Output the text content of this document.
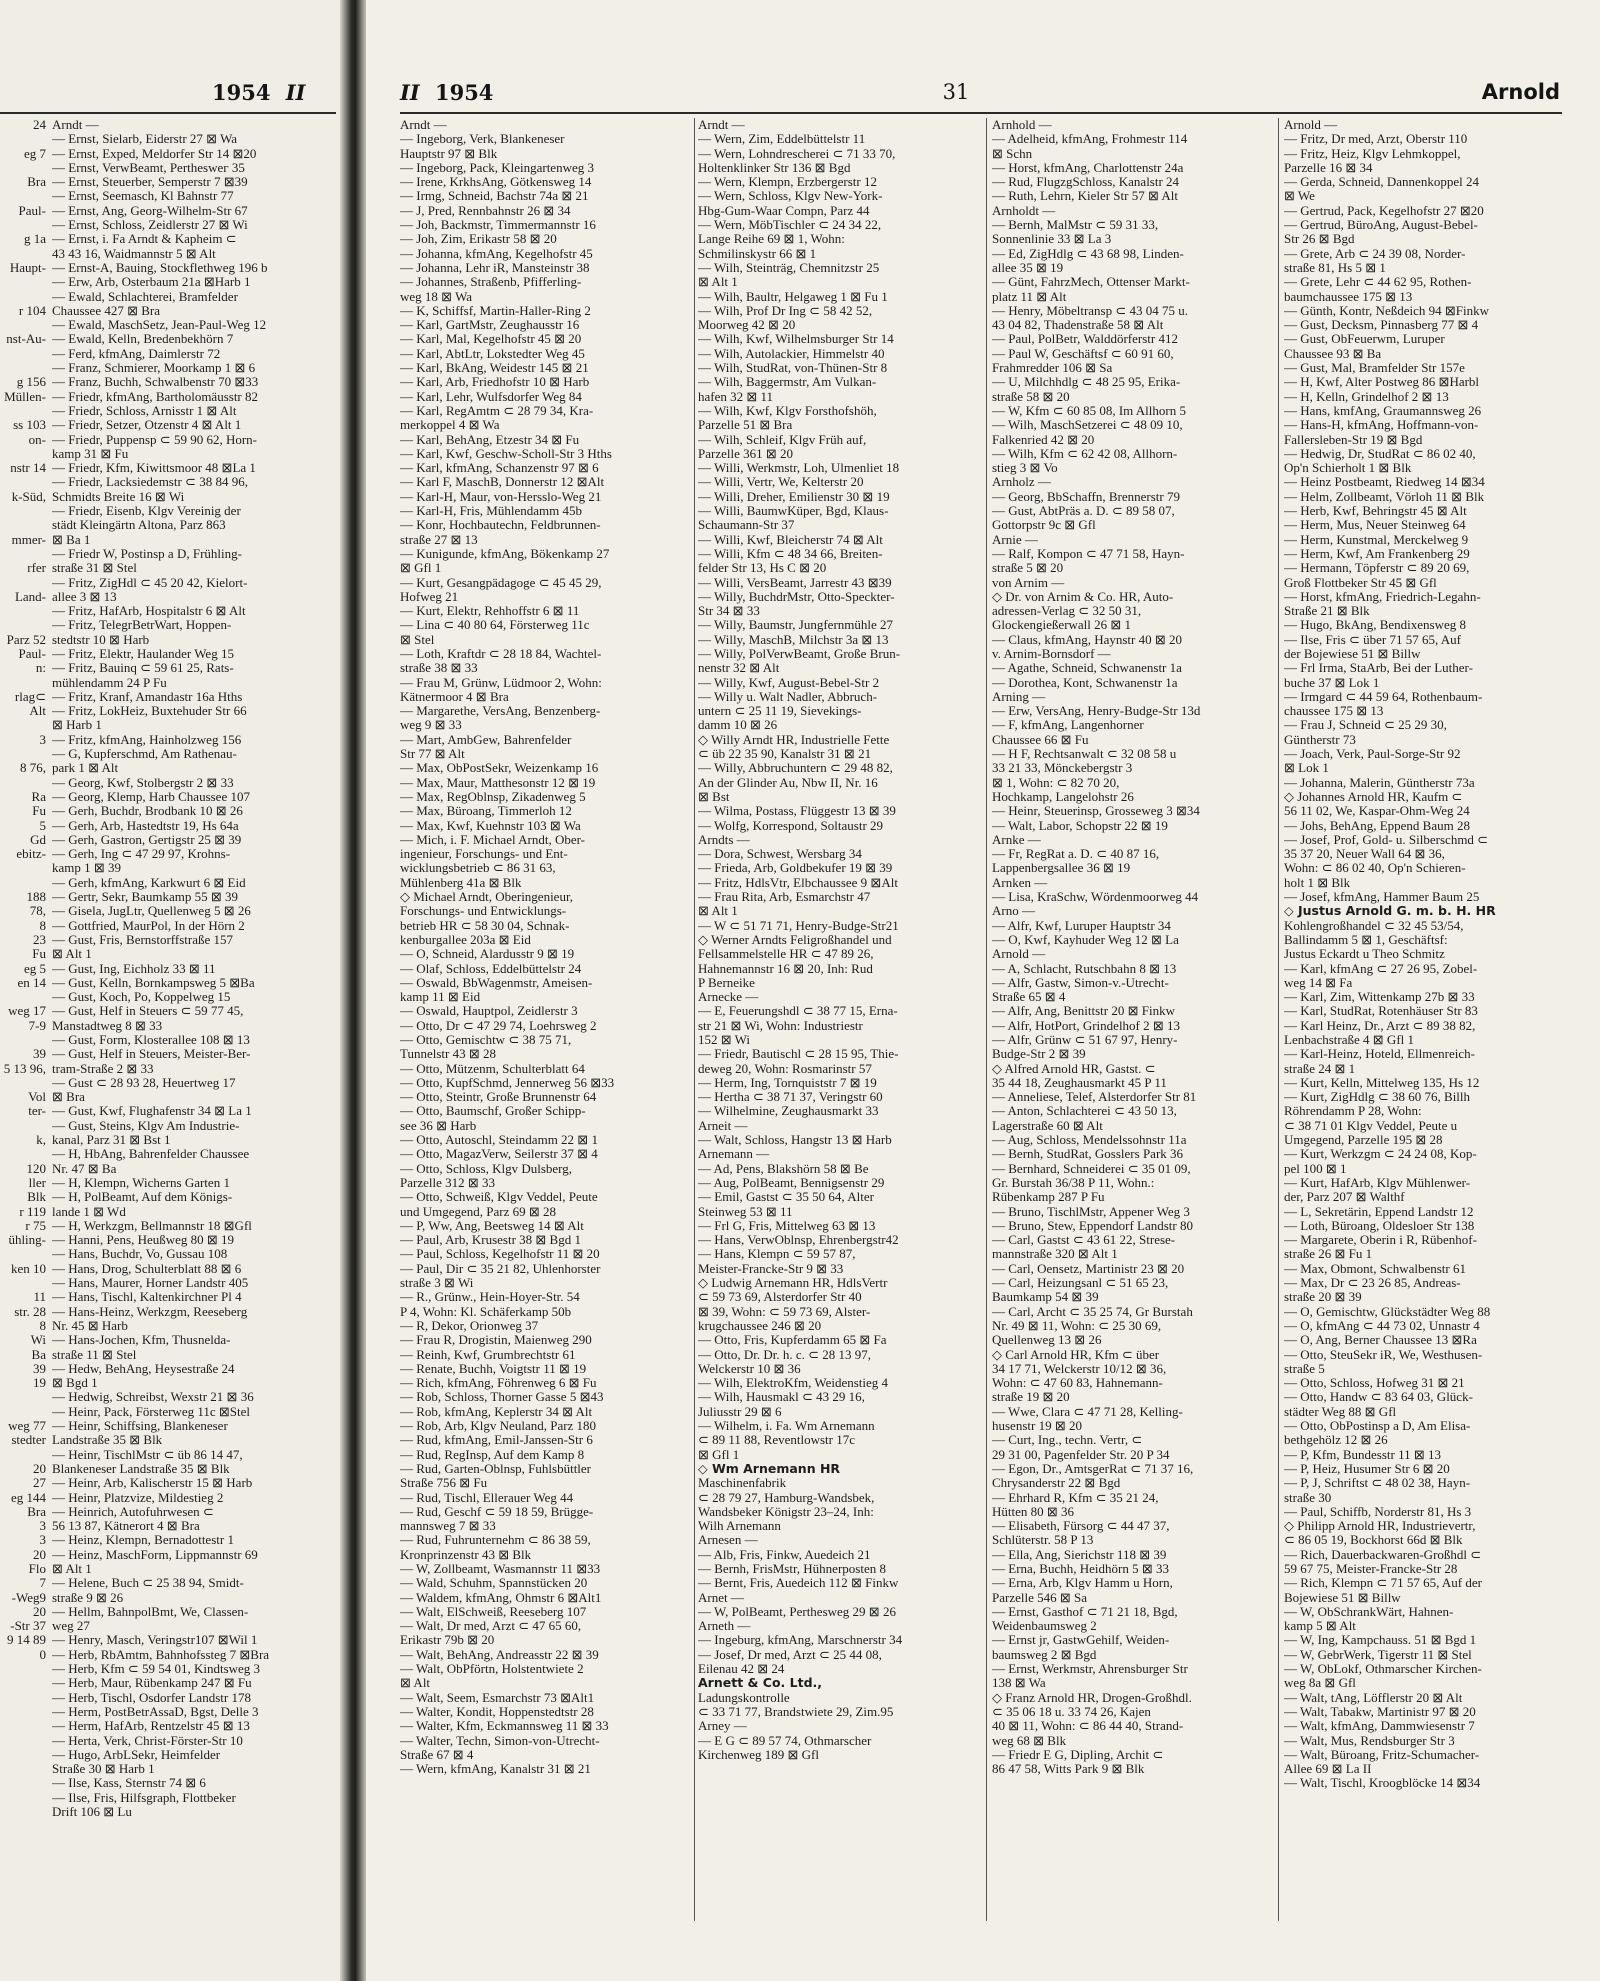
1954 II
24

eg 7

Bra

Paul-

g 1a

Haupt-

r 104

nst-Au-

g 156
Müllen-

ss 103
on-

nstr 14

k-Süd,

mmer-

rfer

Land-

Parz 52
Paul-
n:

rlag⊂
Alt

3

8 76,

Ra
Fu
5
Gd
ebitz-

188
78,
8
23
Fu
eg 5
en 14

weg 17
7-9

39
5 13 96,

Vol
ter-

k,

120
ller
Blk
r 119
r 75
ühling-

ken 10

11
str. 28
8
Wi
Ba
39
19

weg 77
stedter

20
27
eg 144
Bra
3
3
20
Flo
7
-Weg9
20
-Str 37
9 14 89
0
Arndt —
— Ernst, Sielarb, Eiderstr 27 ⊠ Wa
— Ernst, Exped, Meldorfer Str 14 ⊠20
— Ernst, VerwBeamt, Pertheswег 35
— Ernst, Steuerber, Semperstr 7 ⊠39
— Ernst, Seemasch, Kl Bahnstr 77
— Ernst, Ang, Georg-Wilhelm-Str 67
— Ernst, Schloss, Zeidlerstr 27 ⊠ Wi
— Ernst, i. Fa Arndt & Kapheim ⊂
43 43 16, Waidmannstr 5 ⊠ Alt
— Ernst-A, Bauing, Stockflethweg 196 b
— Erw, Arb, Osterbaum 21a ⊠Harb 1
— Ewald, Schlachterei, Bramfelder
Chaussee 427 ⊠ Bra
— Ewald, MaschSetz, Jean-Paul-Weg 12
— Ewald, Kelln, Bredenbekhörn 7
— Ferd, kfmAng, Daimlerstr 72
— Franz, Schmierer, Moorkamp 1 ⊠ 6
— Franz, Buchh, Schwalbenstr 70 ⊠33
— Friedr, kfmAng, Bartholomäusstr 82
— Friedr, Schloss, Arnisstr 1 ⊠ Alt
— Friedr, Setzer, Otzenstr 4 ⊠ Alt 1
— Friedr, Puppensp ⊂ 59 90 62, Horn-
kamp 31 ⊠ Fu
— Friedr, Kfm, Kiwittsmoor 48 ⊠La 1
— Friedr, Lacksiedemstr ⊂ 38 84 96,
Schmidts Breite 16 ⊠ Wi
— Friedr, Eisenb, Klgv Vereinig der
städt Kleingärtn Altona, Parz 863
⊠ Ba 1
— Friedr W, Postinsp a D, Frühling-
strаße 31 ⊠ Stel
— Fritz, ZigHdl ⊂ 45 20 42, Kielort-
allee 3 ⊠ 13
— Fritz, HafArb, Hospitalstr 6 ⊠ Alt
— Fritz, TelegrBetrWart, Hoppen-
stedtstr 10 ⊠ Harb
— Fritz, Elektr, Haulander Weg 15
— Fritz, Bauinq ⊂ 59 61 25, Rats-
mühlendamm 24 P Fu
— Fritz, Kranf, Amandastr 16a Hths
— Fritz, LokHeiz, Buxtehuder Str 66
⊠ Harb 1
— Fritz, kfmAng, Hainholzweg 156
— G, Kupferschmd, Am Rathenau-
park 1 ⊠ Alt
— Georg, Kwf, Stolbergstr 2 ⊠ 33
— Georg, Klemp, Harb Chaussee 107
— Gerh, Buchdr, Brodbank 10 ⊠ 26
— Gerh, Arb, Hastedtstr 19, Hs 64a
— Gerh, Gastron, Gertigstr 25 ⊠ 39
— Gerh, Ing ⊂ 47 29 97, Krohns-
kamp 1 ⊠ 39
— Gerh, kfmAng, Karkwurt 6 ⊠ Eid
— Gertr, Sekr, Baumkamp 55 ⊠ 39
— Gisela, JugLtr, Quellenweg 5 ⊠ 26
— Gottfried, MaurPol, In der Hörn 2
— Gust, Fris, Bernstorffstraße 157
⊠ Alt 1
— Gust, Ing, Eichholz 33 ⊠ 11
— Gust, Kelln, Bornkampsweg 5 ⊠Ba
— Gust, Koch, Po, Koppelweg 15
— Gust, Helf in Steuers ⊂ 59 77 45,
Manstadtweg 8 ⊠ 33
— Gust, Form, Klosterallee 108 ⊠ 13
— Gust, Helf in Steuers, Meister-Ber-
tram-Straße 2 ⊠ 33
— Gust ⊂ 28 93 28, Heuertweg 17
⊠ Bra
— Gust, Kwf, Flughafenstr 34 ⊠ La 1
— Gust, Steins, Klgv Am Industrie-
kanal, Parz 31 ⊠ Bst 1
— H, HbAng, Bahrenfelder Chaussee
Nr. 47 ⊠ Ba
— H, Klempn, Wicherns Garten 1
— H, PolBeamt, Auf dem Königs-
lande 1 ⊠ Wd
— H, Werkzgm, Bellmannstr 18 ⊠Gfl
— Hanni, Pens, Heußweg 80 ⊠ 19
— Hans, Buchdr, Vo, Gussau 108
— Hans, Drog, Schulterblatt 88 ⊠ 6
— Hans, Maurer, Horner Landstr 405
— Hans, Tischl, Kaltenkirchner Pl 4
— Hans-Heinz, Werkzgm, Reeseberg
Nr. 45 ⊠ Harb
— Hans-Jochen, Kfm, Thusnelda-
straße 11 ⊠ Stel
— Hedw, BehAng, Heysestraße 24
⊠ Bgd 1
— Hedwig, Schreibst, Wexstr 21 ⊠ 36
— Heinr, Pack, Försterweg 11c ⊠Stel
— Heinr, Schiffsing, Blankeneser
Landstraße 35 ⊠ Blk
— Heinr, TischlMstr ⊂ üb 86 14 47,
Blankeneser Landstraße 35 ⊠ Blk
— Heinr, Arb, Kalischerstr 15 ⊠ Harb
— Heinr, Platzvize, Mildestieg 2
— Heinrich, Autofuhrwesen ⊂
56 13 87, Kätnerort 4 ⊠ Bra
— Heinz, Klempn, Bernadottestr 1
— Heinz, MaschForm, Lippmannstr 69
⊠ Alt 1
— Helene, Buch ⊂ 25 38 94, Smidt-
straße 9 ⊠ 26
— Hellm, BahnpolBmt, We, Classen-
weg 27
— Henry, Masch, Veringstr107 ⊠Wil 1
— Herb, RbAmtm, Bahnhofssteg 7 ⊠Bra
— Herb, Kfm ⊂ 59 54 01, Kindtsweg 3
— Herb, Maur, Rübenkamp 247 ⊠ Fu
— Herb, Tischl, Osdorfer Landstr 178
— Herm, PostBetrAssaD, Bgst, Delle 3
— Herm, HafArb, Rentzelstr 45 ⊠ 13
— Herta, Verk, Christ-Förster-Str 10
— Hugo, ArbLSekr, Heimfelder
Straße 30 ⊠ Harb 1
— Ilse, Kass, Sternstr 74 ⊠ 6
— Ilse, Fris, Hilfsgraph, Flottbeker
Drift 106 ⊠ Lu
II 1954	31	Arnold
Arndt —
— Ingeborg, Verk, Blankeneser
Hauptstr 97 ⊠ Blk
— Ingeborg, Pack, Kleingartenweg 3
— Irene, KrkhsAng, Götkensweg 14
— Irmg, Schneid, Bachstr 74a ⊠ 21
— J, Pred, Rennbahnstr 26 ⊠ 34
— Joh, Backmstr, Timmermannstr 16
— Joh, Zim, Erikastr 58 ⊠ 20
— Johanna, kfmAng, Kegelhofstr 45
— Johanna, Lehr iR, Mansteinstr 38
— Johannes, Straßenb, Pfifferling-
weg 18 ⊠ Wa
— K, Schiffsf, Martin-Haller-Ring 2
— Karl, GartMstr, Zeughausstr 16
— Karl, Mal, Kegelhofstr 45 ⊠ 20
— Karl, AbtLtr, Lokstedter Weg 45
— Karl, BkAng, Weidestr 145 ⊠ 21
— Karl, Arb, Friedhofstr 10 ⊠ Harb
— Karl, Lehr, Wulfsdorfer Weg 84
— Karl, RegAmtm ⊂ 28 79 34, Kra-
merkoppel 4 ⊠ Wa
— Karl, BehAng, Etzestr 34 ⊠ Fu
— Karl, Kwf, Geschw-Scholl-Str 3 Hths
— Karl, kfmAng, Schanzenstr 97 ⊠ 6
— Karl F, MaschB, Donnerstr 12 ⊠Alt
— Karl-H, Maur, von-Hersslo-Weg 21
— Karl-H, Fris, Mühlendamm 45b
— Konr, Hochbautechn, Feldbrunnen-
straße 27 ⊠ 13
— Kunigunde, kfmAng, Bökenkamp 27
⊠ Gfl 1
— Kurt, Gesangpädagoge ⊂ 45 45 29,
Hofweg 21
— Kurt, Elektr, Rehhoffstr 6 ⊠ 11
— Lina ⊂ 40 80 64, Försterweg 11c
⊠ Stel
— Loth, Kraftdr ⊂ 28 18 84, Wachtel-
straße 38 ⊠ 33
— Frau M, Grünw, Lüdmoor 2, Wohn:
Kätnermoor 4 ⊠ Bra
— Margarethe, VersAng, Benzenberg-
weg 9 ⊠ 33
— Mart, AmbGew, Bahrenfelder
Str 77 ⊠ Alt
— Max, ObPostSekr, Weizenkamp 16
— Max, Maur, Matthesonstr 12 ⊠ 19
— Max, RegOblnsp, Zikadenweg 5
— Max, Büroang, Timmerloh 12
— Max, Kwf, Kuehnstr 103 ⊠ Wa
— Mich, i. F. Michael Arndt, Ober-
ingenieur, Forschungs- und Ent-
wicklungsbetrieb ⊂ 86 31 63,
Mühlenberg 41a ⊠ Blk
◇ Michael Arndt, Oberingenieur,
Forschungs- und Entwicklungs-
betrieb HR ⊂ 58 30 04, Schnak-
kenburgallee 203a ⊠ Eid
— O, Schneid, Alardusstr 9 ⊠ 19
— Olaf, Schloss, Eddelbüttelstr 24
— Oswald, BbWagenmstr, Ameisen-
kamp 11 ⊠ Eid
— Oswald, Hauptpol, Zeidlerstr 3
— Otto, Dr ⊂ 47 29 74, Loehrsweg 2
— Otto, Gemischtw ⊂ 38 75 71,
Tunnelstr 43 ⊠ 28
— Otto, Mützenm, Schulterblatt 64
— Otto, KupfSchmd, Jennerweg 56 ⊠33
— Otto, Steintr, Große Brunnenstr 64
— Otto, Baumschf, Großer Schipp-
see 36 ⊠ Harb
— Otto, Autoschl, Steindamm 22 ⊠ 1
— Otto, MagazVerw, Seilerstr 37 ⊠ 4
— Otto, Schloss, Klgv Dulsberg,
Parzelle 312 ⊠ 33
— Otto, Schweiß, Klgv Veddel, Peute
und Umgegend, Parz 69 ⊠ 28
— P, Ww, Ang, Beetsweg 14 ⊠ Alt
— Paul, Arb, Krusestr 38 ⊠ Bgd 1
— Paul, Schloss, Kegelhofstr 11 ⊠ 20
— Paul, Dir ⊂ 35 21 82, Uhlenhorster
straße 3 ⊠ Wi
— R., Grünw., Hein-Hoyer-Str. 54
P 4, Wohn: Kl. Schäferkamp 50b
— R, Dekor, Orionweg 37
— Frau R, Drogistin, Maienweg 290
— Reinh, Kwf, Grumbrechtstr 61
— Renate, Buchh, Voigtstr 11 ⊠ 19
— Rich, kfmAng, Föhrenweg 6 ⊠ Fu
— Rob, Schloss, Thorner Gasse 5 ⊠43
— Rob, kfmAng, Keplerstr 34 ⊠ Alt
— Rob, Arb, Klgv Neuland, Parz 180
— Rud, kfmAng, Emil-Janssen-Str 6
— Rud, RegInsp, Auf dem Kamp 8
— Rud, Garten-Oblnsp, Fuhlsbüttler
Straße 756 ⊠ Fu
— Rud, Tischl, Ellerauer Weg 44
— Rud, Geschf ⊂ 59 18 59, Brügge-
mannsweg 7 ⊠ 33
— Rud, Fuhrunternehm ⊂ 86 38 59,
Kronprinzenstr 43 ⊠ Blk
— W, Zollbeamt, Wasmannstr 11 ⊠33
— Wald, Schuhm, Spannstücken 20
— Waldem, kfmAng, Ohmstr 6 ⊠Alt1
— Walt, ElSchweiß, Reeseberg 107
— Walt, Dr med, Arzt ⊂ 47 65 60,
Erikastr 79b ⊠ 20
— Walt, BehAng, Andreasstr 22 ⊠ 39
— Walt, ObPförtn, Holstentwiete 2
⊠ Alt
— Walt, Seem, Esmarchstr 73 ⊠Alt1
— Walter, Kondit, Hoppenstedtstr 28
— Walter, Kfm, Eckmannsweg 11 ⊠ 33
— Walter, Techn, Simon-von-Utrecht-
Straße 67 ⊠ 4
— Wern, kfmAng, Kanalstr 31 ⊠ 21
Arndt —
— Wern, Zim, Eddelbüttelstr 11
— Wern, Lohndrescherei ⊂ 71 33 70,
Holtenklinker Str 136 ⊠ Bgd
— Wern, Klempn, Erzbergerstr 12
— Wern, Schloss, Klgv New-York-
Hbg-Gum-Waar Compn, Parz 44
— Wern, MöbTischler ⊂ 24 34 22,
Lange Reihe 69 ⊠ 1, Wohn:
Schmilinskystr 66 ⊠ 1
— Wilh, Steinträg, Chemnitzstr 25
⊠ Alt 1
— Wilh, Baultr, Helgaweg 1 ⊠ Fu 1
— Wilh, Prof Dr Ing ⊂ 58 42 52,
Moorweg 42 ⊠ 20
— Wilh, Kwf, Wilhelmsburger Str 14
— Wilh, Autolackier, Himmelstr 40
— Wilh, StudRat, von-Thünen-Str 8
— Wilh, Baggermstr, Am Vulkan-
hafen 32 ⊠ 11
— Wilh, Kwf, Klgv Forsthofshöh,
Parzelle 51 ⊠ Bra
— Wilh, Schleif, Klgv Früh auf,
Parzelle 361 ⊠ 20
— Willi, Werkmstr, Loh, Ulmenliet 18
— Willi, Vertr, We, Kelterstr 20
— Willi, Dreher, Emilienstr 30 ⊠ 19
— Willi, BaumwKüper, Bgd, Klaus-
Schaumann-Str 37
— Willi, Kwf, Bleicherstr 74 ⊠ Alt
— Willi, Kfm ⊂ 48 34 66, Breiten-
felder Str 13, Hs C ⊠ 20
— Willi, VersBeamt, Jarrestr 43 ⊠39
— Willy, BuchdrMstr, Otto-Speckter-
Str 34 ⊠ 33
— Willy, Baumstr, Jungfernmühle 27
— Willy, MaschB, Milchstr 3a ⊠ 13
— Willy, PolVerwBeamt, Große Brun-
nenstr 32 ⊠ Alt
— Willy, Kwf, August-Bebel-Str 2
— Willy u. Walt Nadler, Abbruch-
untern ⊂ 25 11 19, Sievekings-
damm 10 ⊠ 26
◇ Willy Arndt HR, Industrielle Fette
⊂ üb 22 35 90, Kanalstr 31 ⊠ 21
— Willy, Abbruchuntern ⊂ 29 48 82,
An der Glinder Au, Nbw II, Nr. 16
⊠ Bst
— Wilma, Postass, Flüggestr 13 ⊠ 39
— Wolfg, Korrespond, Soltaustr 29
Arndts —
— Dora, Schwest, Wersbarg 34
— Frieda, Arb, Goldbekufer 19 ⊠ 39
— Fritz, HdlsVtr, Elbchaussee 9 ⊠Alt
— Frau Rita, Arb, Esmarchstr 47
⊠ Alt 1
— W ⊂ 51 71 71, Henry-Budge-Str21
◇ Werner Arndts Feligroßhandel und
Fellsammelstelle HR ⊂ 47 89 26,
Hahnemannstr 16 ⊠ 20, Inh: Rud
P Berneike
Arnecke —
— E, Feuerungshdl ⊂ 38 77 15, Erna-
str 21 ⊠ Wi, Wohn: Industriestr
152 ⊠ Wi
— Friedr, Bautischl ⊂ 28 15 95, Thie-
deweg 20, Wohn: Rosmarinstr 57
— Herm, Ing, Tornquiststr 7 ⊠ 19
— Hertha ⊂ 38 71 37, Veringstr 60
— Wilhelmine, Zeughausmarkt 33
Arneit —
— Walt, Schloss, Hangstr 13 ⊠ Harb
Arnemann —
— Ad, Pens, Blakshörn 58 ⊠ Be
— Aug, PolBeamt, Bennigsenstr 29
— Emil, Gastst ⊂ 35 50 64, Alter
Steinweg 53 ⊠ 11
— Frl G, Fris, Mittelweg 63 ⊠ 13
— Hans, VerwOblnsp, Ehrenbergstr42
— Hans, Klempn ⊂ 59 57 87,
Meister-Francke-Str 9 ⊠ 33
◇ Ludwig Arnemann HR, HdlsVertr
⊂ 59 73 69, Alsterdorfer Str 40
⊠ 39, Wohn: ⊂ 59 73 69, Alster-
krugchaussee 246 ⊠ 20
— Otto, Fris, Kupferdamm 65 ⊠ Fa
— Otto, Dr. Dr. h. c. ⊂ 28 13 97,
Welckerstr 10 ⊠ 36
— Wilh, ElektroKfm, Weidenstieg 4
— Wilh, Hausmakl ⊂ 43 29 16,
Juliusstr 29 ⊠ 6
— Wilhelm, i. Fa. Wm Arnemann
⊂ 89 11 88, Reventlowstr 17c
⊠ Gfl 1
◇ Wm Arnemann HR
Maschinenfabrik
⊂ 28 79 27, Hamburg-Wandsbek,
Wandsbeker Königstr 23–24, Inh:
Wilh Arnemann
Arnesen —
— Alb, Fris, Finkw, Auedeich 21
— Bernh, FrisMstr, Hühnerposten 8
— Bernt, Fris, Auedeich 112 ⊠ Finkw
Arnet —
— W, PolBeamt, Perthesweg 29 ⊠ 26
Arneth —
— Ingeburg, kfmAng, Marschnerstr 34
— Josef, Dr med, Arzt ⊂ 25 44 08,
Eilenau 42 ⊠ 24
Arnett & Co. Ltd.,
Ladungskontrolle
⊂ 33 71 77, Brandstwiete 29, Zim.95
Arney —
— E G ⊂ 89 57 74, Othmarscher
Kirchenweg 189 ⊠ Gfl
Arnhold —
— Adelheid, kfmAng, Frohmestr 114
⊠ Schn
— Horst, kfmAng, Charlottenstr 24a
— Rud, FlugzgSchloss, Kanalstr 24
— Ruth, Lehrn, Kieler Str 57 ⊠ Alt
Arnholdt —
— Bernh, MalMstr ⊂ 59 31 33,
Sonnenlinie 33 ⊠ La 3
— Ed, ZigHdlg ⊂ 43 68 98, Linden-
allee 35 ⊠ 19
— Günt, FahrzMech, Ottenser Markt-
platz 11 ⊠ Alt
— Henry, Möbeltransp ⊂ 43 04 75 u.
43 04 82, Thadenstraße 58 ⊠ Alt
— Paul, PolBetr, Walddörferstr 412
— Paul W, Geschäftsf ⊂ 60 91 60,
Frahmredder 106 ⊠ Sa
— U, Milchhdlg ⊂ 48 25 95, Erika-
straße 58 ⊠ 20
— W, Kfm ⊂ 60 85 08, Im Allhorn 5
— Wilh, MaschSetzerei ⊂ 48 09 10,
Falkenried 42 ⊠ 20
— Wilh, Kfm ⊂ 62 42 08, Allhorn-
stieg 3 ⊠ Vo
Arnholz —
— Georg, BbSchaffn, Brennerstr 79
— Gust, AbtPräs a. D. ⊂ 89 58 07,
Gottorpstr 9c ⊠ Gfl
Arnie —
— Ralf, Kompon ⊂ 47 71 58, Hayn-
straße 5 ⊠ 20
von Arnim —
◇ Dr. von Arnim & Co. HR, Auto-
adressen-Verlag ⊂ 32 50 31,
Glockengießerwall 26 ⊠ 1
— Claus, kfmAng, Haynstr 40 ⊠ 20
v. Arnim-Bornsdorf —
— Agathe, Schneid, Schwanenstr 1a
— Dorothea, Kont, Schwanenstr 1a
Arning —
— Erw, VersAng, Henry-Budge-Str 13d
— F, kfmAng, Langenhorner
Chaussee 66 ⊠ Fu
— H F, Rechtsanwalt ⊂ 32 08 58 u
33 21 33, Mönckebergstr 3
⊠ 1, Wohn: ⊂ 82 70 20,
Hochkamp, Langelohstr 26
— Heinr, Steuerinsp, Grosseweg 3 ⊠34
— Walt, Labor, Schopstr 22 ⊠ 19
Arnke —
— Fr, RegRat a. D. ⊂ 40 87 16,
Lappenbergsallee 36 ⊠ 19
Arnken —
— Lisa, KraSchw, Wördenmoorweg 44
Arno —
— Alfr, Kwf, Luruper Hauptstr 34
— O, Kwf, Kayhuder Weg 12 ⊠ La
Arnold —
— A, Schlacht, Rutschbahn 8 ⊠ 13
— Alfr, Gastw, Simon-v.-Utrecht-
Straße 65 ⊠ 4
— Alfr, Ang, Benittstr 20 ⊠ Finkw
— Alfr, HotPort, Grindelhof 2 ⊠ 13
— Alfr, Grünw ⊂ 51 67 97, Henry-
Budge-Str 2 ⊠ 39
◇ Alfred Arnold HR, Gastst. ⊂
35 44 18, Zeughausmarkt 45 P 11
— Anneliese, Telef, Alsterdorfer Str 81
— Anton, Schlachterei ⊂ 43 50 13,
Lagerstraße 60 ⊠ Alt
— Aug, Schloss, Mendelssohnstr 11a
— Bernh, StudRat, Gosslers Park 36
— Bernhard, Schneiderei ⊂ 35 01 09,
Gr. Burstah 36/38 P 11, Wohn.:
Rübenkamp 287 P Fu
— Bruno, TischlMstr, Appener Weg 3
— Bruno, Stew, Eppendorf Landstr 80
— Carl, Gastst ⊂ 43 61 22, Strese-
mannstraße 320 ⊠ Alt 1
— Carl, Oensetz, Martinistr 23 ⊠ 20
— Carl, Heizungsanl ⊂ 51 65 23,
Baumkamp 54 ⊠ 39
— Carl, Archt ⊂ 35 25 74, Gr Burstah
Nr. 49 ⊠ 11, Wohn: ⊂ 25 30 69,
Quellenweg 13 ⊠ 26
◇ Carl Arnold HR, Kfm ⊂ über
34 17 71, Welckerstr 10/12 ⊠ 36,
Wohn: ⊂ 47 60 83, Hahnemann-
straße 19 ⊠ 20
— Wwe, Clara ⊂ 47 71 28, Kelling-
husenstr 19 ⊠ 20
— Curt, Ing., techn. Vertr, ⊂
29 31 00, Pagenfelder Str. 20 P 34
— Egon, Dr., AmtsgerRat ⊂ 71 37 16,
Chrysanderstr 22 ⊠ Bgd
— Ehrhard R, Kfm ⊂ 35 21 24,
Hütten 80 ⊠ 36
— Elisabeth, Fürsorg ⊂ 44 47 37,
Schlüterstr. 58 P 13
— Ella, Ang, Sierichstr 118 ⊠ 39
— Erna, Buchh, Heidhörn 5 ⊠ 33
— Erna, Arb, Klgv Hamm u Horn,
Parzelle 546 ⊠ Sa
— Ernst, Gasthof ⊂ 71 21 18, Bgd,
Weidenbaumsweg 2
— Ernst jr, GastwGehilf, Weiden-
baumsweg 2 ⊠ Bgd
— Ernst, Werkmstr, Ahrensburger Str
138 ⊠ Wa
◇ Franz Arnold HR, Drogen-Großhdl.
⊂ 35 06 18 u. 33 74 26, Kajen
40 ⊠ 11, Wohn: ⊂ 86 44 40, Strand-
weg 68 ⊠ Blk
— Friedr E G, Dipling, Archit ⊂
86 47 58, Witts Park 9 ⊠ Blk
Arnold —
— Fritz, Dr med, Arzt, Oberstr 110
— Fritz, Heiz, Klgv Lehmkoppel,
Parzelle 16 ⊠ 34
— Gerda, Schneid, Dannenkoppel 24
⊠ We
— Gertrud, Pack, Kegelhofstr 27 ⊠20
— Gertrud, BüroAng, August-Bebel-
Str 26 ⊠ Bgd
— Grete, Arb ⊂ 24 39 08, Norder-
straße 81, Hs 5 ⊠ 1
— Grete, Lehr ⊂ 44 62 95, Rothen-
baumchaussee 175 ⊠ 13
— Günth, Kontr, Neßdeich 94 ⊠Finkw
— Gust, Decksm, Pinnasberg 77 ⊠ 4
— Gust, ObFeuerwm, Luruper
Chaussee 93 ⊠ Ba
— Gust, Mal, Bramfelder Str 157e
— H, Kwf, Alter Postweg 86 ⊠Harbl
— H, Kelln, Grindelhof 2 ⊠ 13
— Hans, kmfAng, Graumannsweg 26
— Hans-H, kfmAng, Hoffmann-von-
Fallersleben-Str 19 ⊠ Bgd
— Hedwig, Dr, StudRat ⊂ 86 02 40,
Op'n Schierholt 1 ⊠ Blk
— Heinz Postbeamt, Riedweg 14 ⊠34
— Helm, Zollbeamt, Vörloh 11 ⊠ Blk
— Herb, Kwf, Behringstr 45 ⊠ Alt
— Herm, Mus, Neuer Steinweg 64
— Herm, Kunstmal, Merckelweg 9
— Herm, Kwf, Am Frankenberg 29
— Hermann, Töpferstr ⊂ 89 20 69,
Groß Flottbeker Str 45 ⊠ Gfl
— Horst, kfmAng, Friedrich-Legahn-
Straße 21 ⊠ Blk
— Hugo, BkAng, Bendixensweg 8
— Ilse, Fris ⊂ über 71 57 65, Auf
der Bojewiese 51 ⊠ Billw
— Frl Irma, StaArb, Bei der Luther-
buche 37 ⊠ Lok 1
— Irmgard ⊂ 44 59 64, Rothenbaum-
chaussee 175 ⊠ 13
— Frau J, Schneid ⊂ 25 29 30,
Güntherstr 73
— Joach, Verk, Paul-Sorge-Str 92
⊠ Lok 1
— Johanna, Malerin, Güntherstr 73a
◇ Johannes Arnold HR, Kaufm ⊂
56 11 02, We, Kaspar-Ohm-Weg 24
— Johs, BehAng, Eppend Baum 28
— Josef, Prof, Gold- u. Silberschmd ⊂
35 37 20, Neuer Wall 64 ⊠ 36,
Wohn: ⊂ 86 02 40, Op'n Schieren-
holt 1 ⊠ Blk
— Josef, kfmAng, Hammer Baum 25
◇ Justus Arnold G. m. b. H. HR
Kohlengroßhandel ⊂ 32 45 53/54,
Ballindamm 5 ⊠ 1, Geschäftsf:
Justus Eckardt u Theo Schmitz
— Karl, kfmAng ⊂ 27 26 95, Zobel-
weg 14 ⊠ Fa
— Karl, Zim, Wittenkamp 27b ⊠ 33
— Karl, StudRat, Rotenhäuser Str 83
— Karl Heinz, Dr., Arzt ⊂ 89 38 82,
Lenbachstraße 4 ⊠ Gfl 1
— Karl-Heinz, Hoteld, Ellmenreich-
straße 24 ⊠ 1
— Kurt, Kelln, Mittelweg 135, Hs 12
— Kurt, ZigHdlg ⊂ 38 60 76, Billh
Röhrendamm P 28, Wohn:
⊂ 38 71 01 Klgv Veddel, Peute u
Umgegend, Parzelle 195 ⊠ 28
— Kurt, Werkzgm ⊂ 24 24 08, Kop-
pel 100 ⊠ 1
— Kurt, HafArb, Klgv Mühlenwer-
der, Parz 207 ⊠ Walthf
— L, Sekretärin, Eppend Landstr 12
— Loth, Büroang, Oldesloer Str 138
— Margarete, Oberin i R, Rübenhof-
straße 26 ⊠ Fu 1
— Max, Obmont, Schwalbenstr 61
— Max, Dr ⊂ 23 26 85, Andreas-
straße 20 ⊠ 39
— O, Gemischtw, Glückstädter Weg 88
— O, kfmAng ⊂ 44 73 02, Unnastr 4
— O, Ang, Berner Chaussee 13 ⊠Ra
— Otto, SteuSekr iR, We, Westhusen-
straße 5
— Otto, Schloss, Hofweg 31 ⊠ 21
— Otto, Handw ⊂ 83 64 03, Glück-
städter Weg 88 ⊠ Gfl
— Otto, ObPostinsp a D, Am Elisa-
bethgehölz 12 ⊠ 26
— P, Kfm, Bundesstr 11 ⊠ 13
— P, Heiz, Husumer Str 6 ⊠ 20
— P, J, Schriftst ⊂ 48 02 38, Hayn-
straße 30
— Paul, Schiffb, Norderstr 81, Hs 3
◇ Philipp Arnold HR, Industrievertr,
⊂ 86 05 19, Bockhorst 66d ⊠ Blk
— Rich, Dauerbackwaren-Großhdl ⊂
59 67 75, Meister-Francke-Str 28
— Rich, Klempn ⊂ 71 57 65, Auf der
Bojewiese 51 ⊠ Billw
— W, ObSchrankWärt, Hahnen-
kamp 5 ⊠ Alt
— W, Ing, Kampchauss. 51 ⊠ Bgd 1
— W, GebrWerk, Tigerstr 11 ⊠ Stel
— W, ObLokf, Othmarscher Kirchen-
weg 8a ⊠ Gfl
— Walt, tAng, Löfflerstr 20 ⊠ Alt
— Walt, Tabakw, Martinistr 97 ⊠ 20
— Walt, kfmAng, Dammwiesenstr 7
— Walt, Mus, Rendsburger Str 3
— Walt, Büroang, Fritz-Schumacher-
Allee 69 ⊠ La II
— Walt, Tischl, Kroogblöcke 14 ⊠34
